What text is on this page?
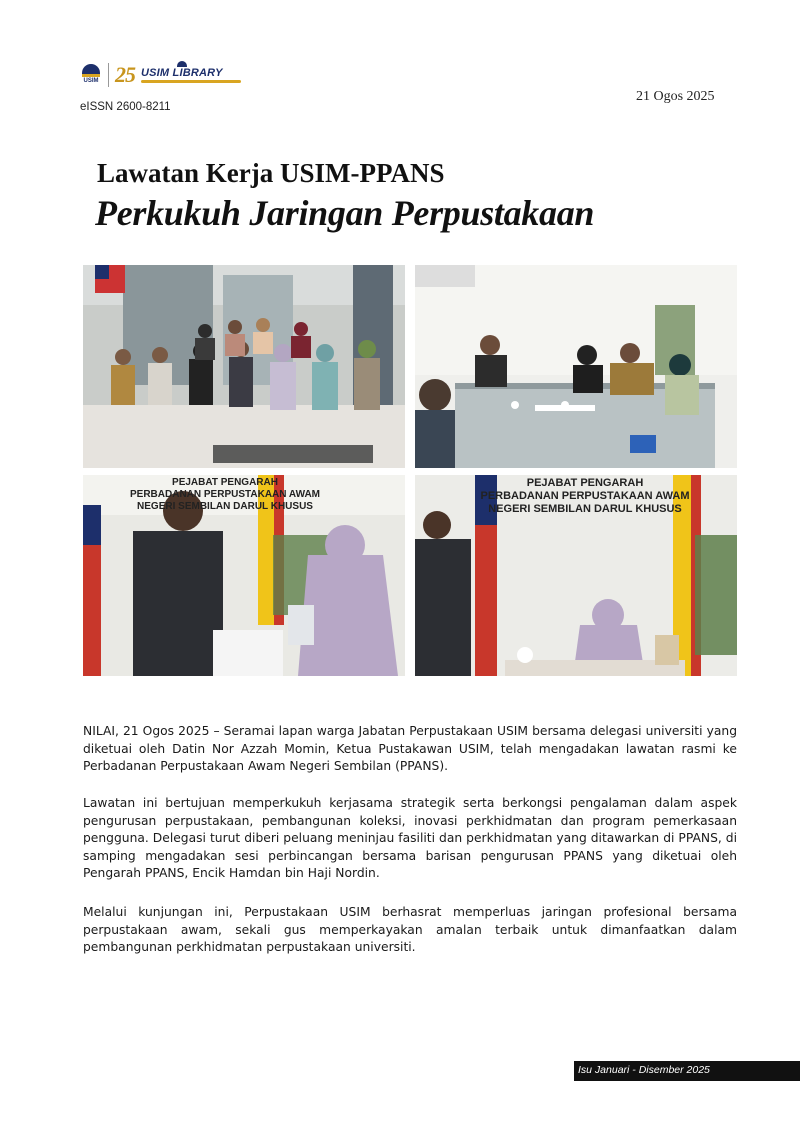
USIM 25 USIM LIBRARY
eISSN 2600-8211
21 Ogos 2025
Lawatan Kerja USIM-PPANS
Perkukuh Jaringan Perpustakaan
PEJABAT PENGARAH
PERBADANAN PERPUSTAKAAN AWAM
NEGERI SEMBILAN DARUL KHUSUS
PEJABAT PENGARAH
PERBADANAN PERPUSTAKAAN AWAM
NEGERI SEMBILAN DARUL KHUSUS

NILAI, 21 Ogos 2025 – Seramai lapan warga Jabatan Perpustakaan USIM bersama delegasi universiti yang diketuai oleh Datin Nor Azzah Momin, Ketua Pustakawan USIM, telah mengadakan lawatan rasmi ke Perbadanan Perpustakaan Awam Negeri Sembilan (PPANS).

Lawatan ini bertujuan memperkukuh kerjasama strategik serta berkongsi pengalaman dalam aspek pengurusan perpustakaan, pembangunan koleksi, inovasi perkhidmatan dan program pemerkasaan pengguna. Delegasi turut diberi peluang meninjau fasiliti dan perkhidmatan yang ditawarkan di PPANS, di samping mengadakan sesi perbincangan bersama barisan pengurusan PPANS yang diketuai oleh Pengarah PPANS, Encik Hamdan bin Haji Nordin.

Melalui kunjungan ini, Perpustakaan USIM berhasrat memperluas jaringan profesional bersama perpustakaan awam, sekali gus memperkayakan amalan terbaik untuk dimanfaatkan dalam pembangunan perkhidmatan perpustakaan universiti.

Isu Januari - Disember 2025
